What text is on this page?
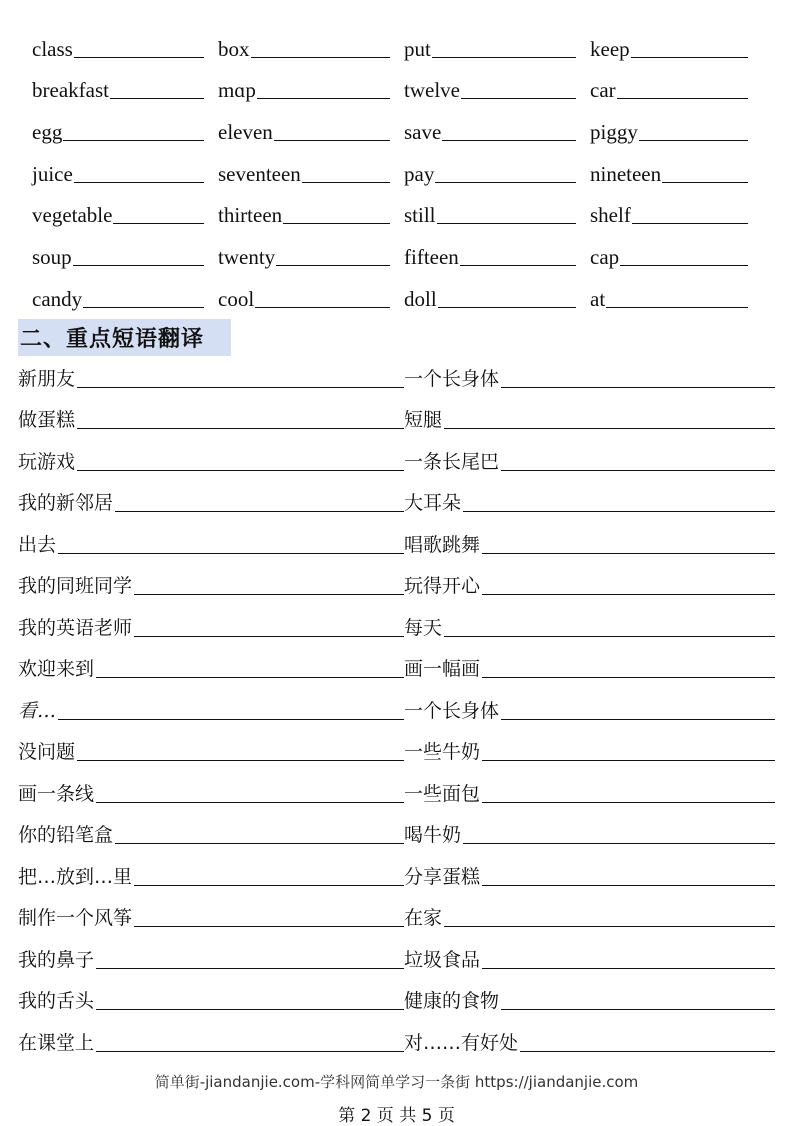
class	box	put	keep
breakfast	mɑp	twelve	car
egg	eleven	save	piggy
juice	seventeen	pay	nineteen
vegetable	thirteen	still	shelf
soup	twenty	fifteen	cap
candy	cool	doll	at
二、重点短语翻译
新朋友	一个长身体
做蛋糕	短腿
玩游戏	一条长尾巴
我的新邻居	大耳朵
出去	唱歌跳舞
我的同班同学	玩得开心
我的英语老师	每天
欢迎来到	画一幅画
看…	一个长身体
没问题	一些牛奶
画一条线	一些面包
你的铅笔盒	喝牛奶
把…放到…里	分享蛋糕
制作一个风筝	在家
我的鼻子	垃圾食品
我的舌头	健康的食物
在课堂上	对……有好处
简单街-jiandanjie.com-学科网简单学习一条街 https://jiandanjie.com
第 2 页 共 5 页
